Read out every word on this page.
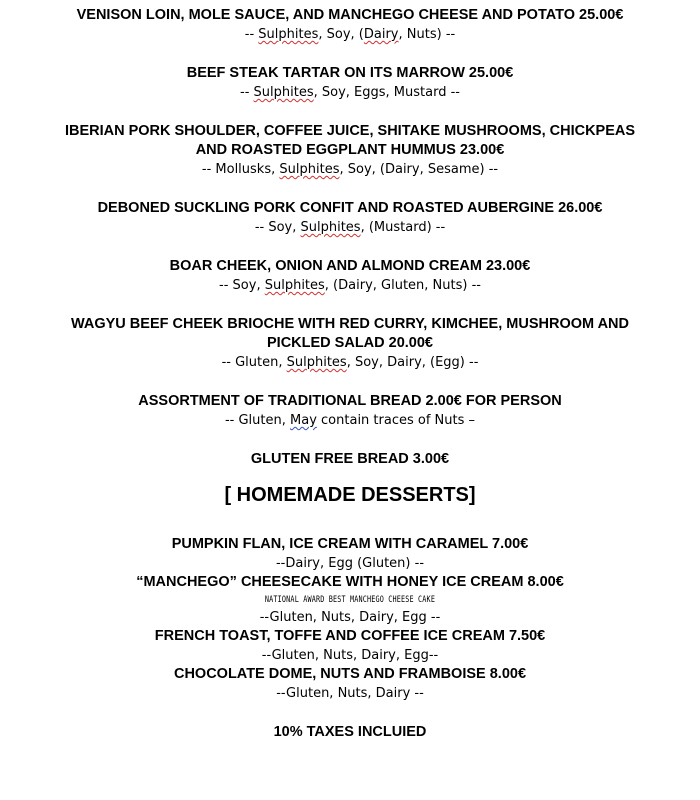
VENISON LOIN, MOLE SAUCE, AND MANCHEGO CHEESE AND POTATO 25.00€

-- Sulphites, Soy, (Dairy, Nuts) --

BEEF STEAK TARTAR ON ITS MARROW 25.00€

-- Sulphites, Soy, Eggs, Mustard --

IBERIAN PORK SHOULDER, COFFEE JUICE, SHITAKE MUSHROOMS, CHICKPEAS

AND ROASTED EGGPLANT HUMMUS 23.00€

-- Mollusks, Sulphites, Soy, (Dairy, Sesame) --

DEBONED SUCKLING PORK CONFIT AND ROASTED AUBERGINE 26.00€

-- Soy, Sulphites, (Mustard) --

BOAR CHEEK, ONION AND ALMOND CREAM 23.00€

-- Soy, Sulphites, (Dairy, Gluten, Nuts) --

WAGYU BEEF CHEEK BRIOCHE WITH RED CURRY, KIMCHEE, MUSHROOM AND

PICKLED SALAD 20.00€

-- Gluten, Sulphites, Soy, Dairy, (Egg) --

ASSORTMENT OF TRADITIONAL BREAD 2.00€ FOR PERSON

-- Gluten, May contain traces of Nuts –

GLUTEN FREE BREAD 3.00€

[ HOMEMADE DESSERTS]

PUMPKIN FLAN, ICE CREAM WITH CARAMEL 7.00€

--Dairy, Egg (Gluten) --

“MANCHEGO” CHEESECAKE WITH HONEY ICE CREAM 8.00€

NATIONAL AWARD BEST MANCHEGO CHEESE CAKE

--Gluten, Nuts, Dairy, Egg --

FRENCH TOAST, TOFFE AND COFFEE ICE CREAM 7.50€

--Gluten, Nuts, Dairy, Egg--

CHOCOLATE DOME, NUTS AND FRAMBOISE 8.00€

--Gluten, Nuts, Dairy --

10% TAXES INCLUIED
